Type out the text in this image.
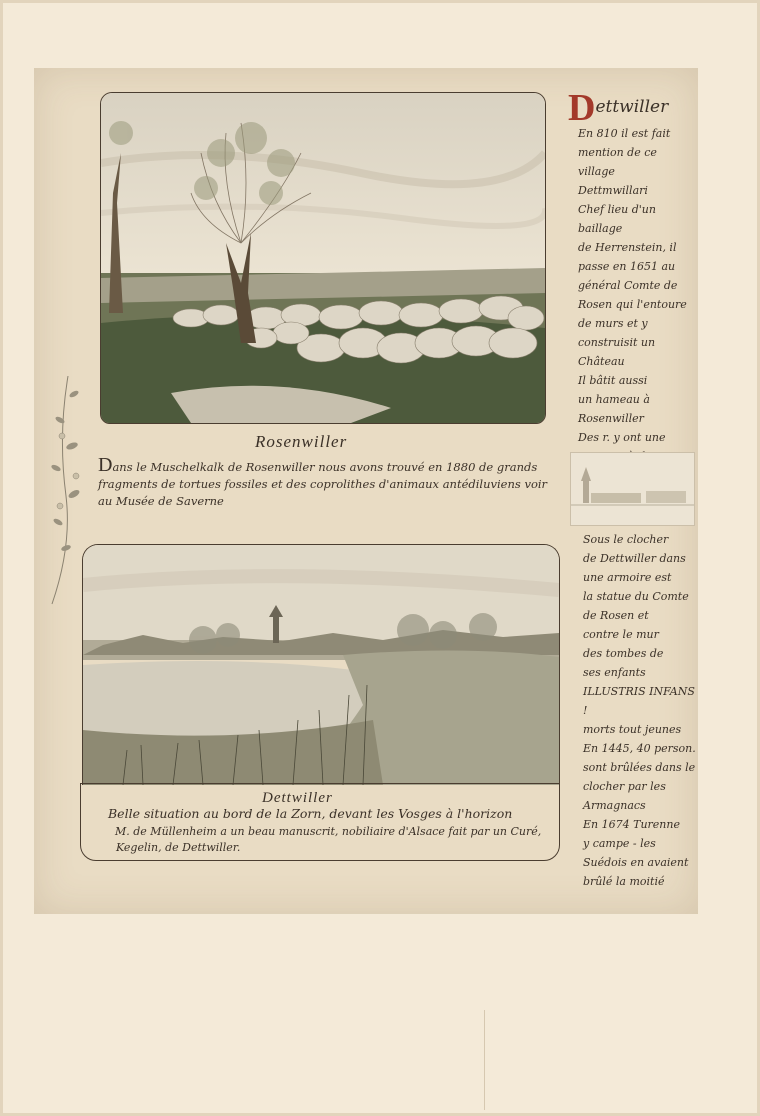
Rosenwiller
Dans le Muschelkalk de Rosenwiller nous avons trouvé en 1880 de grands fragments de tortues fossiles et des coprolithes d'animaux antédiluviens voir au Musée de Saverne
Dettwiller
Belle situation au bord de la Zorn, devant les Vosges à l'horizon
M. de Müllenheim a un beau manuscrit, nobiliaire d'Alsace fait par un Curé,
Kegelin, de Dettwiller.
Dettwiller
En 810 il est fait
mention de ce village
Dettmwillari
Chef lieu d'un baillage
de Herrenstein, il
passe en 1651 au
général Comte de
Rosen qui l'entoure
de murs et y
construisit un
Château
Il bâtit aussi
un hameau à
Rosenwiller
Des r. y ont une

Sous le clocher
de Dettwiller dans
une armoire est
la statue du Comte
de Rosen et
contre le mur
des tombes de
ses enfants
ILLUSTRIS INFANS !
morts tout jeunes
En 1445, 40 person.
sont brûlées dans le
clocher par les
Armagnacs
En 1674 Turenne
y campe - les
Suédois en avaient
brûlé la moitié
